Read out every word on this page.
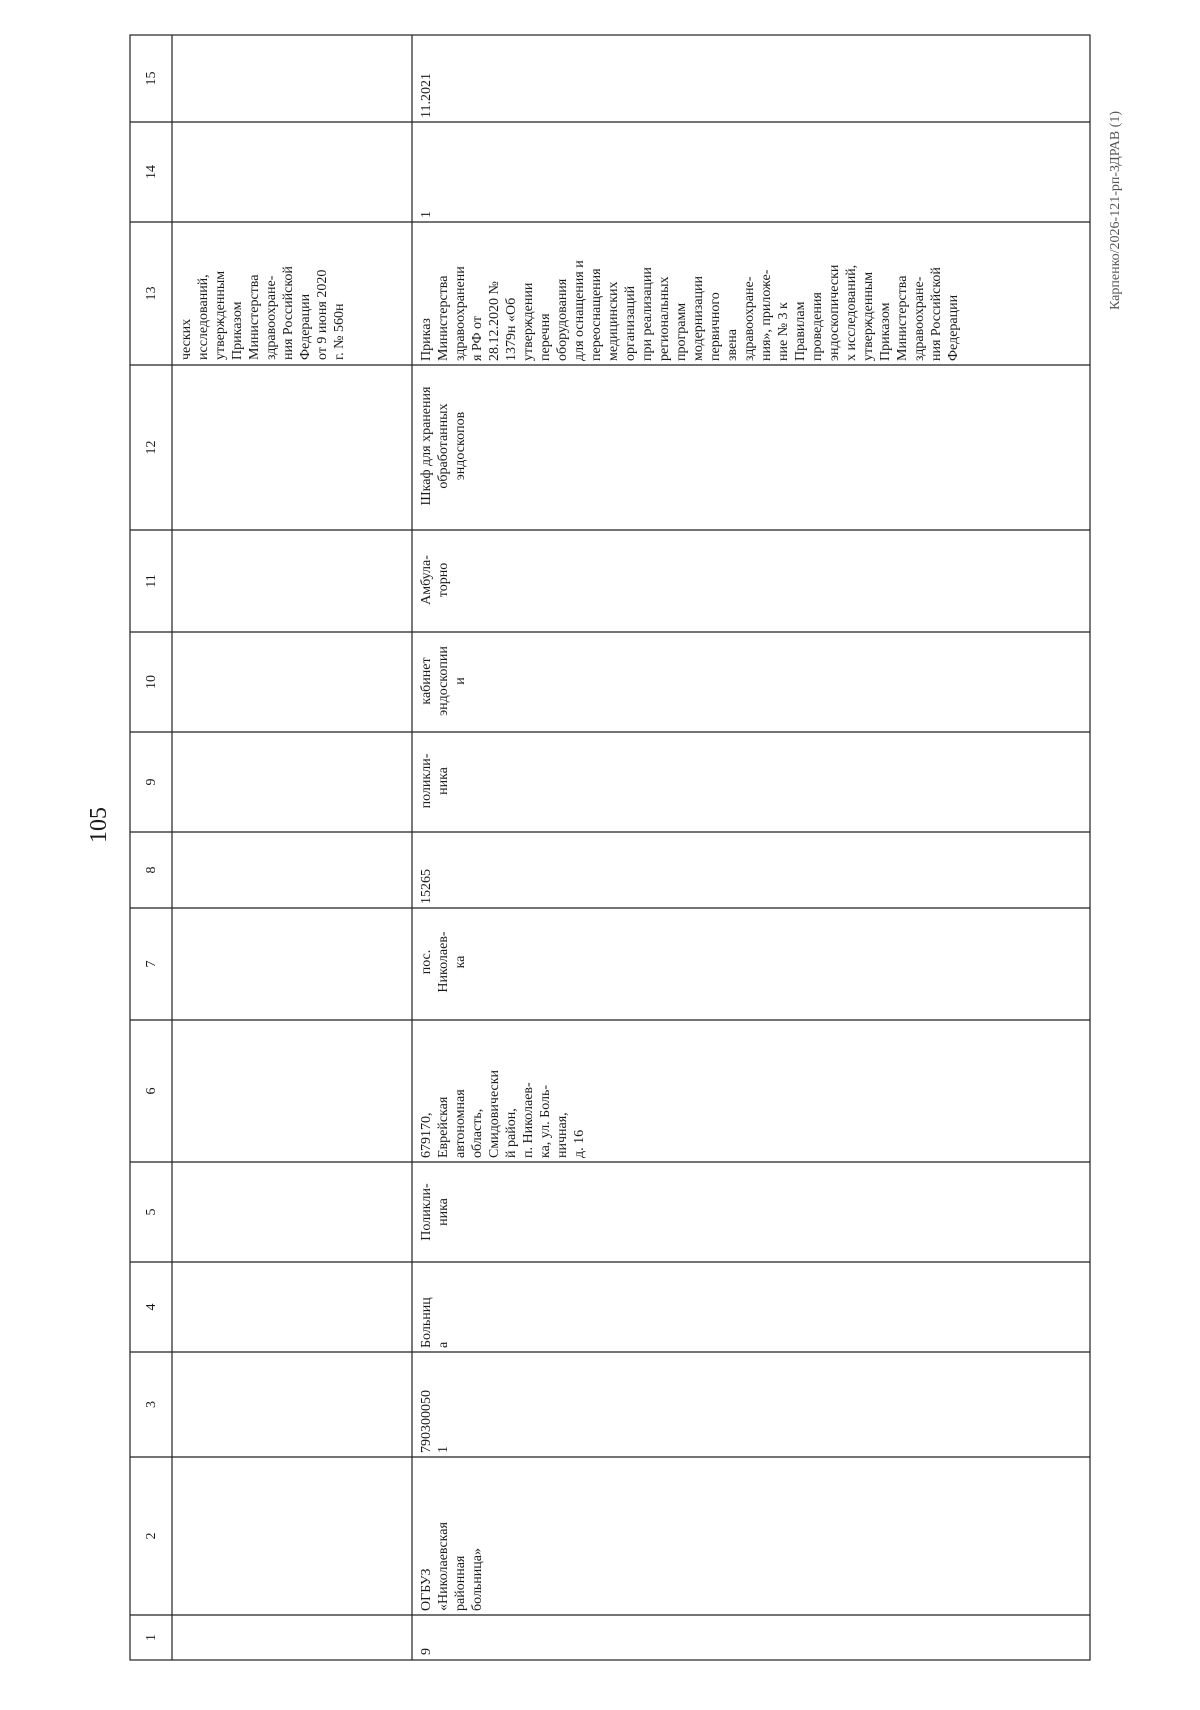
105
Карпенко/2026-121-рп-ЗДРАВ (1)
15
14
13
12
11
10
9
8
7
6
5
4
3
2
1
ческих
исследований,
утвержденным
Приказом
Министерства
здравоохране-
ния Российской
Федерации
от 9 июня 2020
г. № 560н
9
ОГБУЗ
«Николаевская
районная
больница»
790300050
1
Больниц
а
Поликли-
ника
679170,
Еврейская
автономная
область,
Смидовически
й район,
п. Николаев-
ка, ул. Боль-
ничная,
д. 16
пос.
Николаев-
ка
15265
поликли-
ника
кабинет
эндоскопии
и
Амбула-
торно
Шкаф для хранения
обработанных
эндоскопов
Приказ
Министерства
здравоохранени
я РФ от
28.12.2020 №
1379н «Об
утверждении
перечня
оборудования
для оснащения и
переоснащения
медицинских
организаций
при реализации
региональных
программ
модернизации
первичного
звена
здравоохране-
ния», приложе-
ние № 3 к
Правилам
проведения
эндоскопически
х исследований,
утвержденным
Приказом
Министерства
здравоохране-
ния Российской
Федерации
1
11.2021
